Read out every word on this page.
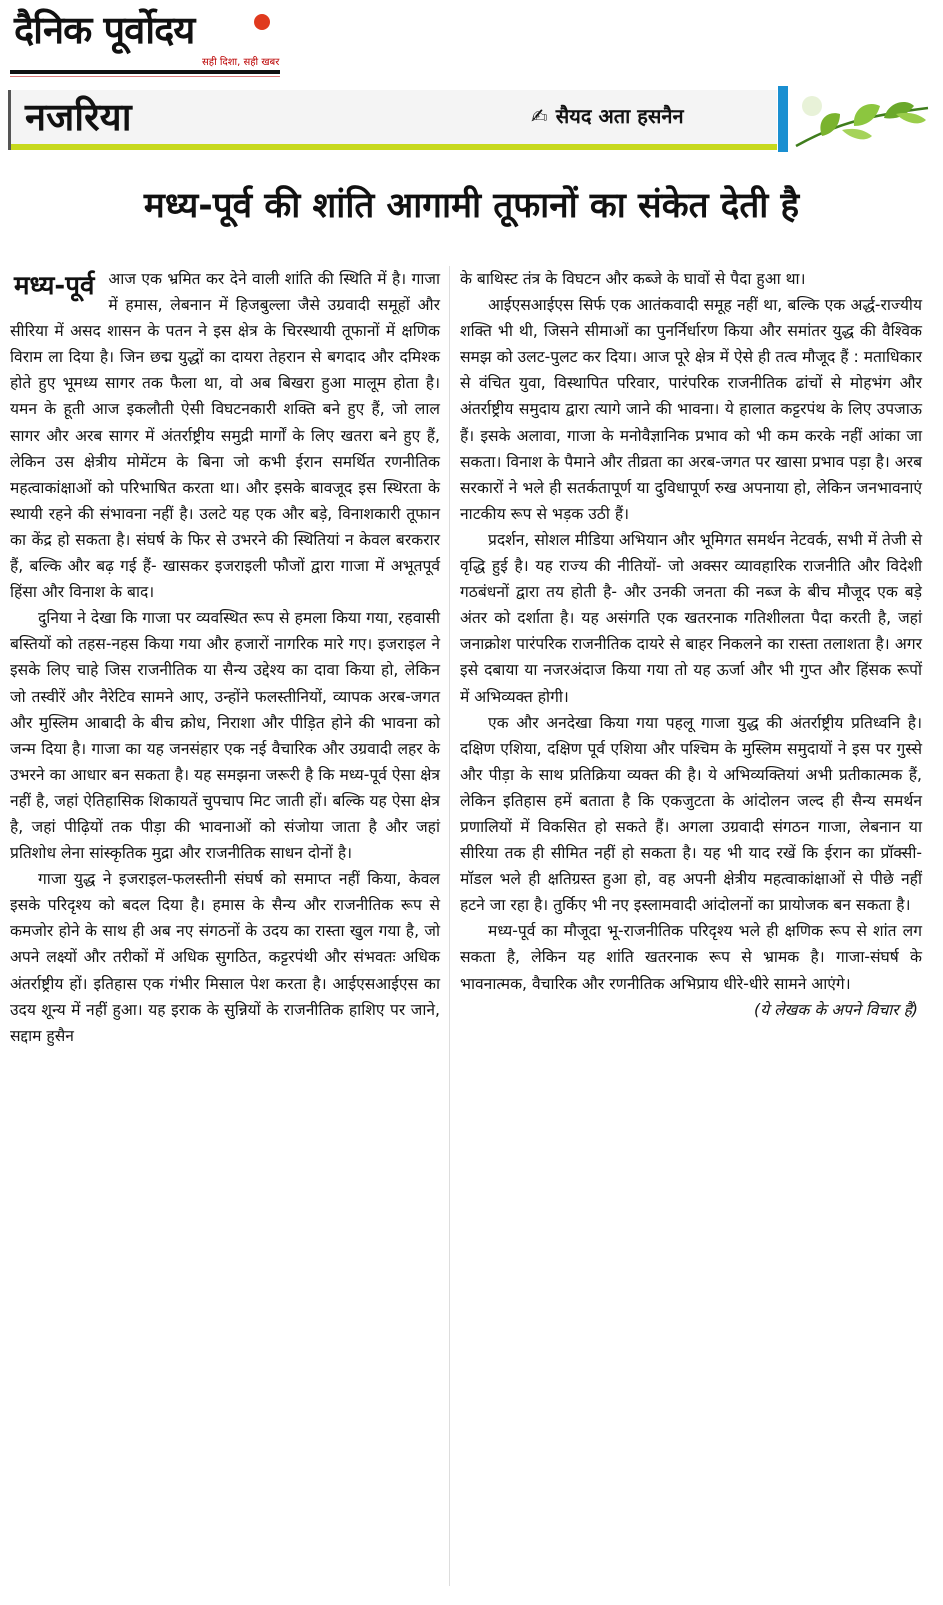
दैनिक पूर्वोदय
सही दिशा, सही खबर
नजरिया	✍ सैयद अता हसनैन
मध्य-पूर्व की शांति आगामी तूफानों का संकेत देती है

मध्य-पूर्व आज एक भ्रमित कर देने वाली शांति की स्थिति में है। गाजा में हमास, लेबनान में हिजबुल्ला जैसे उग्रवादी समूहों और सीरिया में असद शासन के पतन ने इस क्षेत्र के चिरस्थायी तूफानों में क्षणिक विराम ला दिया है। जिन छद्म युद्धों का दायरा तेहरान से बगदाद और दमिश्क होते हुए भूमध्य सागर तक फैला था, वो अब बिखरा हुआ मालूम होता है। यमन के हूती आज इकलौती ऐसी विघटनकारी शक्ति बने हुए हैं, जो लाल सागर और अरब सागर में अंतर्राष्ट्रीय समुद्री मार्गों के लिए खतरा बने हुए हैं, लेकिन उस क्षेत्रीय मोमेंटम के बिना जो कभी ईरान समर्थित रणनीतिक महत्वाकांक्षाओं को परिभाषित करता था। और इसके बावजूद इस स्थिरता के स्थायी रहने की संभावना नहीं है। उलटे यह एक और बड़े, विनाशकारी तूफान का केंद्र हो सकता है। संघर्ष के फिर से उभरने की स्थितियां न केवल बरकरार हैं, बल्कि और बढ़ गई हैं- खासकर इजराइली फौजों द्वारा गाजा में अभूतपूर्व हिंसा और विनाश के बाद।

दुनिया ने देखा कि गाजा पर व्यवस्थित रूप से हमला किया गया, रहवासी बस्तियों को तहस-नहस किया गया और हजारों नागरिक मारे गए। इजराइल ने इसके लिए चाहे जिस राजनीतिक या सैन्य उद्देश्य का दावा किया हो, लेकिन जो तस्वीरें और नैरेटिव सामने आए, उन्होंने फलस्तीनियों, व्यापक अरब-जगत और मुस्लिम आबादी के बीच क्रोध, निराशा और पीड़ित होने की भावना को जन्म दिया है। गाजा का यह जनसंहार एक नई वैचारिक और उग्रवादी लहर के उभरने का आधार बन सकता है। यह समझना जरूरी है कि मध्य-पूर्व ऐसा क्षेत्र नहीं है, जहां ऐतिहासिक शिकायतें चुपचाप मिट जाती हों। बल्कि यह ऐसा क्षेत्र है, जहां पीढ़ियों तक पीड़ा की भावनाओं को संजोया जाता है और जहां प्रतिशोध लेना सांस्कृतिक मुद्रा और राजनीतिक साधन दोनों है।

गाजा युद्ध ने इजराइल-फलस्तीनी संघर्ष को समाप्त नहीं किया, केवल इसके परिदृश्य को बदल दिया है। हमास के सैन्य और राजनीतिक रूप से कमजोर होने के साथ ही अब नए संगठनों के उदय का रास्ता खुल गया है, जो अपने लक्ष्यों और तरीकों में अधिक सुगठित, कट्टरपंथी और संभवतः अधिक अंतर्राष्ट्रीय हों। इतिहास एक गंभीर मिसाल पेश करता है। आईएसआईएस का उदय शून्य में नहीं हुआ। यह इराक के सुन्नियों के राजनीतिक हाशिए पर जाने, सद्दाम हुसैन

के बाथिस्ट तंत्र के विघटन और कब्जे के घावों से पैदा हुआ था।

आईएसआईएस सिर्फ एक आतंकवादी समूह नहीं था, बल्कि एक अर्द्ध-राज्यीय शक्ति भी थी, जिसने सीमाओं का पुनर्निर्धारण किया और समांतर युद्ध की वैश्विक समझ को उलट-पुलट कर दिया। आज पूरे क्षेत्र में ऐसे ही तत्व मौजूद हैं : मताधिकार से वंचित युवा, विस्थापित परिवार, पारंपरिक राजनीतिक ढांचों से मोहभंग और अंतर्राष्ट्रीय समुदाय द्वारा त्यागे जाने की भावना। ये हालात कट्टरपंथ के लिए उपजाऊ हैं। इसके अलावा, गाजा के मनोवैज्ञानिक प्रभाव को भी कम करके नहीं आंका जा सकता। विनाश के पैमाने और तीव्रता का अरब-जगत पर खासा प्रभाव पड़ा है। अरब सरकारों ने भले ही सतर्कतापूर्ण या दुविधापूर्ण रुख अपनाया हो, लेकिन जनभावनाएं नाटकीय रूप से भड़क उठी हैं।

प्रदर्शन, सोशल मीडिया अभियान और भूमिगत समर्थन नेटवर्क, सभी में तेजी से वृद्धि हुई है। यह राज्य की नीतियों- जो अक्सर व्यावहारिक राजनीति और विदेशी गठबंधनों द्वारा तय होती है- और उनकी जनता की नब्ज के बीच मौजूद एक बड़े अंतर को दर्शाता है। यह असंगति एक खतरनाक गतिशीलता पैदा करती है, जहां जनाक्रोश पारंपरिक राजनीतिक दायरे से बाहर निकलने का रास्ता तलाशता है। अगर इसे दबाया या नजरअंदाज किया गया तो यह ऊर्जा और भी गुप्त और हिंसक रूपों में अभिव्यक्त होगी।

एक और अनदेखा किया गया पहलू गाजा युद्ध की अंतर्राष्ट्रीय प्रतिध्वनि है। दक्षिण एशिया, दक्षिण पूर्व एशिया और पश्चिम के मुस्लिम समुदायों ने इस पर गुस्से और पीड़ा के साथ प्रतिक्रिया व्यक्त की है। ये अभिव्यक्तियां अभी प्रतीकात्मक हैं, लेकिन इतिहास हमें बताता है कि एकजुटता के आंदोलन जल्द ही सैन्य समर्थन प्रणालियों में विकसित हो सकते हैं। अगला उग्रवादी संगठन गाजा, लेबनान या सीरिया तक ही सीमित नहीं हो सकता है। यह भी याद रखें कि ईरान का प्रॉक्सी-मॉडल भले ही क्षतिग्रस्त हुआ हो, वह अपनी क्षेत्रीय महत्वाकांक्षाओं से पीछे नहीं हटने जा रहा है। तुर्किए भी नए इस्लामवादी आंदोलनों का प्रायोजक बन सकता है।

मध्य-पूर्व का मौजूदा भू-राजनीतिक परिदृश्य भले ही क्षणिक रूप से शांत लग सकता है, लेकिन यह शांति खतरनाक रूप से भ्रामक है। गाजा-संघर्ष के भावनात्मक, वैचारिक और रणनीतिक अभिप्राय धीरे-धीरे सामने आएंगे।

(ये लेखक के अपने विचार हैं)
